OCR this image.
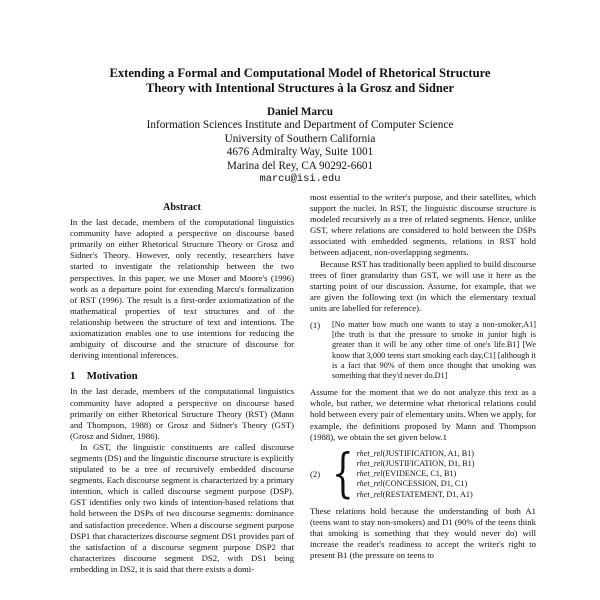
Extending a Formal and Computational Model of Rhetorical Structure
Theory with Intentional Structures à la Grosz and Sidner
Daniel Marcu
Information Sciences Institute and Department of Computer Science
University of Southern California
4676 Admiralty Way, Suite 1001
Marina del Rey, CA 90292-6601
marcu@isi.edu
Abstract

In the last decade, members of the computational linguistics community have adopted a perspective on discourse based primarily on either Rhetorical Structure Theory or Grosz and Sidner's Theory. However, only recently, researchers have started to investigate the relationship between the two perspectives. In this paper, we use Moser and Moore's (1996) work as a departure point for extending Marcu's formalization of RST (1996). The result is a first-order axiomatization of the mathematical properties of text structures and of the relationship between the structure of text and intentions. The axiomatization enables one to use intentions for reducing the ambiguity of discourse and the structure of discourse for deriving intentional inferences.

1 Motivation

In the last decade, members of the computational linguistics community have adopted a perspective on discourse based primarily on either Rhetorical Structure Theory (RST) (Mann and Thompson, 1988) or Grosz and Sidner's Theory (GST) (Grosz and Sidner, 1986).

In GST, the linguistic constituents are called discourse segments (DS) and the linguistic discourse structure is explicitly stipulated to be a tree of recursively embedded discourse segments. Each discourse segment is characterized by a primary intention, which is called discourse segment purpose (DSP). GST identifies only two kinds of intention-based relations that hold between the DSPs of two discourse segments: dominance and satisfaction precedence. When a discourse segment purpose DSP1 that characterizes discourse segment DS1 provides part of the satisfaction of a discourse segment purpose DSP2 that characterizes discourse segment DS2, with DS1 being embedding in DS2, it is said that there exists a domi-

most essential to the writer's purpose, and their satellites, which support the nuclei. In RST, the linguistic discourse structure is modeled recursively as a tree of related segments. Hence, unlike GST, where relations are considered to hold between the DSPs associated with embedded segments, relations in RST hold between adjacent, non-overlapping segments.

Because RST has traditionally been applied to build discourse trees of finer granularity than GST, we will use it here as the starting point of our discussion. Assume, for example, that we are given the following text (in which the elementary textual units are labelled for reference).

(1)	[No matter how much one wants to stay a non-smoker,A1] [the truth is that the pressure to smoke in junior high is greater than it will be any other time of one's life.B1] [We know that 3,000 teens start smoking each day,C1] [although it is a fact that 90% of them once thought that smoking was something that they'd never do.D1]

Assume for the moment that we do not analyze this text as a whole, but rather, we determine what rhetorical relations could hold between every pair of elementary units. When we apply, for example, the definitions proposed by Mann and Thompson (1988), we obtain the set given below.1

(2) { rhet_rel(JUSTIFICATION, A1, B1)
rhet_rel(JUSTIFICATION, D1, B1)
rhet_rel(EVIDENCE, C1, B1)
rhet_rel(CONCESSION, D1, C1)
rhet_rel(RESTATEMENT, D1, A1)

These relations hold because the understanding of both A1 (teens want to stay non-smokers) and D1 (90% of the teens think that smoking is something that they would never do) will increase the reader's readiness to accept the writer's right to present B1 (the pressure on teens to
